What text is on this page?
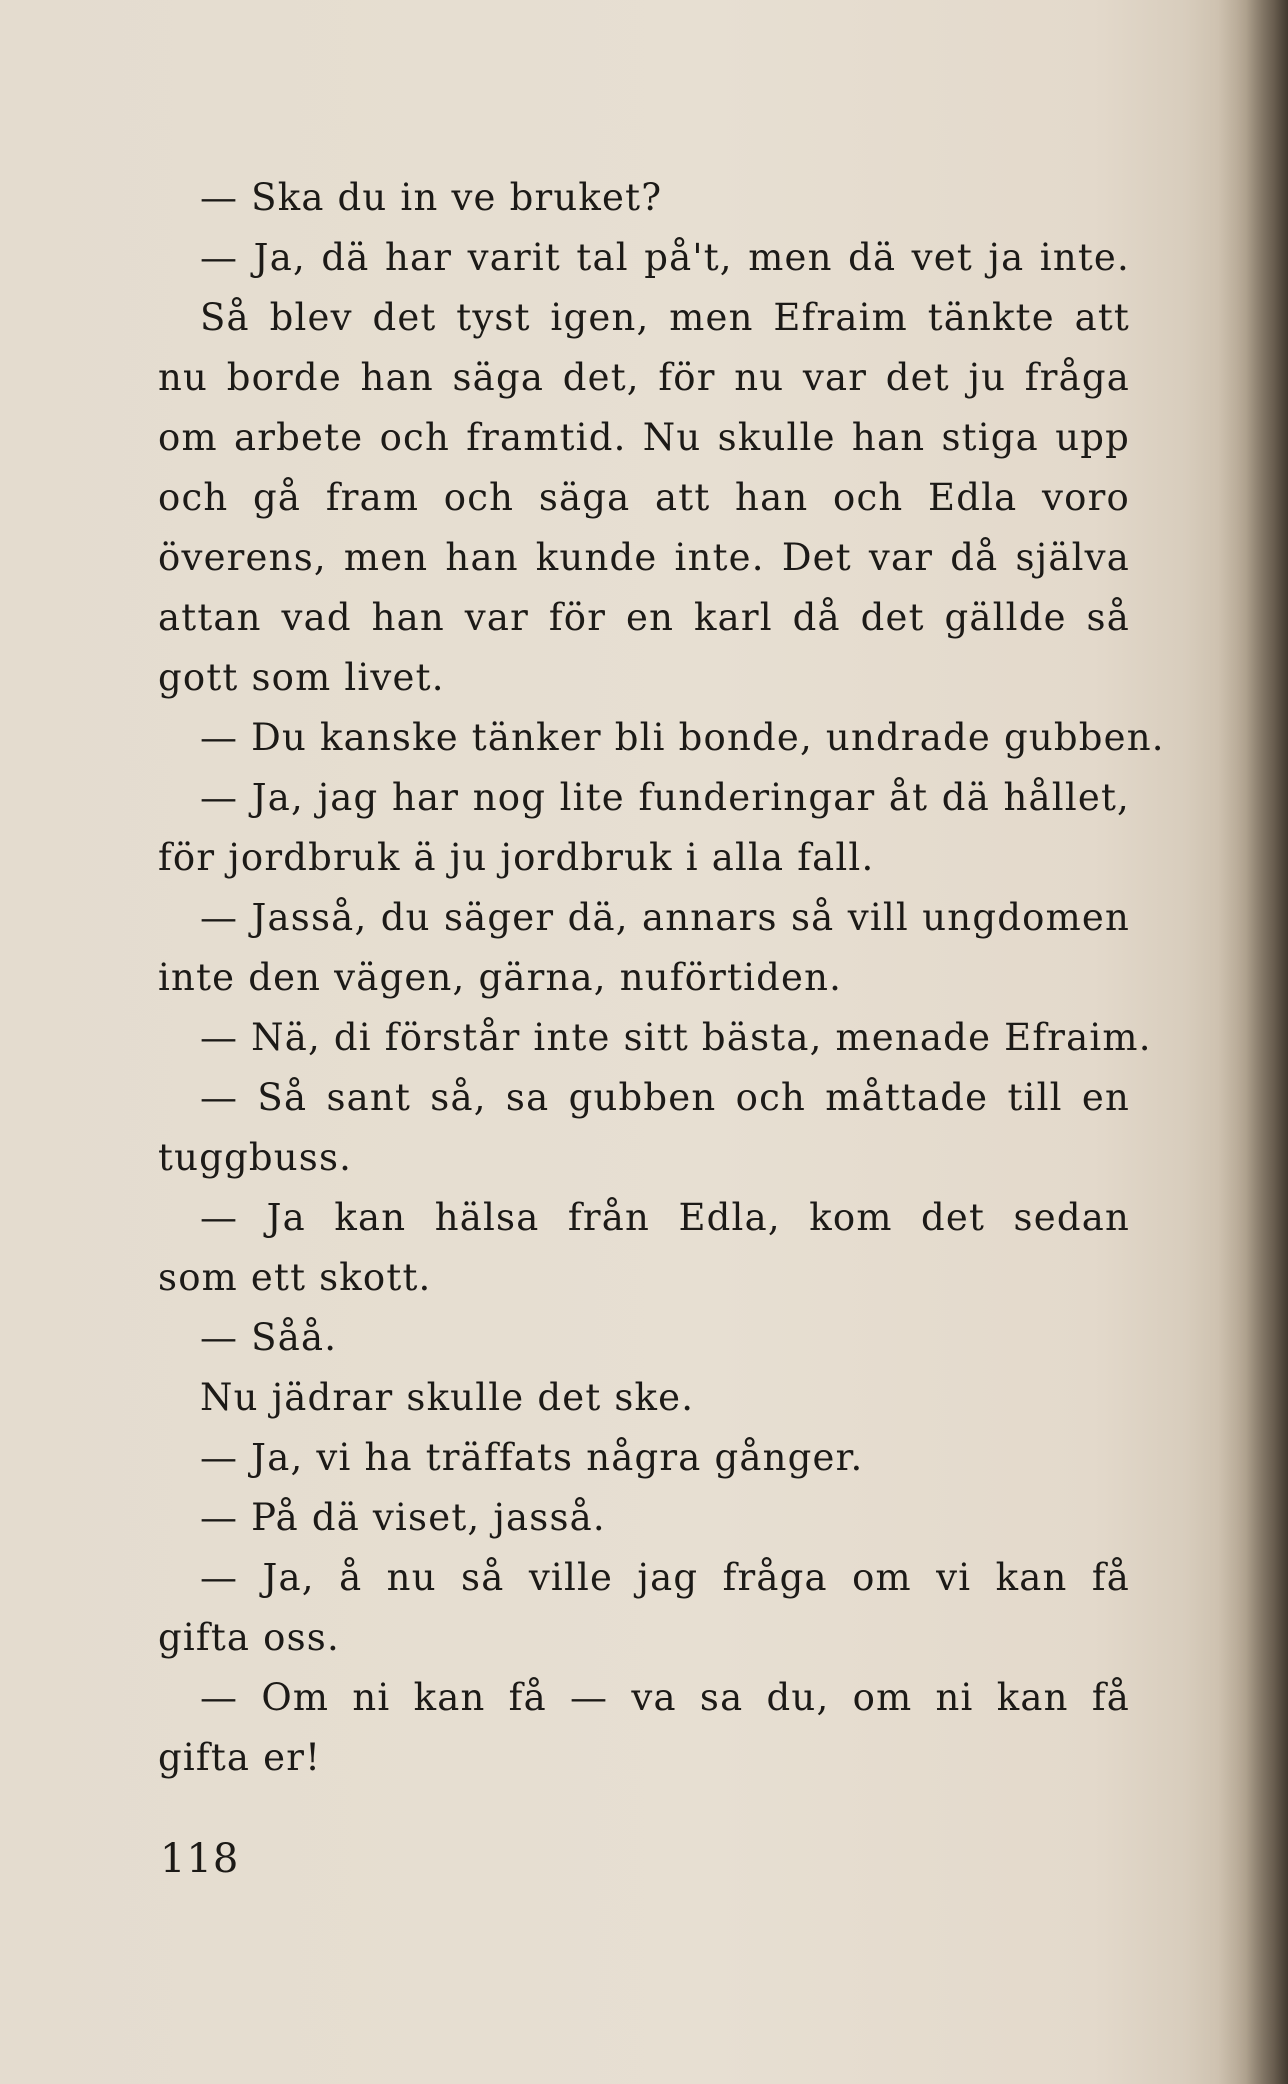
— Ska du in ve bruket?
— Ja, dä har varit tal på't, men dä vet ja inte.
Så blev det tyst igen, men Efraim tänkte att
nu borde han säga det, för nu var det ju fråga
om arbete och framtid. Nu skulle han stiga upp
och gå fram och säga att han och Edla voro
överens, men han kunde inte. Det var då själva
attan vad han var för en karl då det gällde så
gott som livet.
— Du kanske tänker bli bonde, undrade gubben.
— Ja, jag har nog lite funderingar åt dä hållet,
för jordbruk ä ju jordbruk i alla fall.
— Jasså, du säger dä, annars så vill ungdomen
inte den vägen, gärna, nuförtiden.
— Nä, di förstår inte sitt bästa, menade Efraim.
— Så sant så, sa gubben och måttade till en
tuggbuss.
— Ja kan hälsa från Edla, kom det sedan
som ett skott.
— Såå.
Nu jädrar skulle det ske.
— Ja, vi ha träffats några gånger.
— På dä viset, jasså.
— Ja, å nu så ville jag fråga om vi kan få
gifta oss.
— Om ni kan få — va sa du, om ni kan få
gifta er!
118
